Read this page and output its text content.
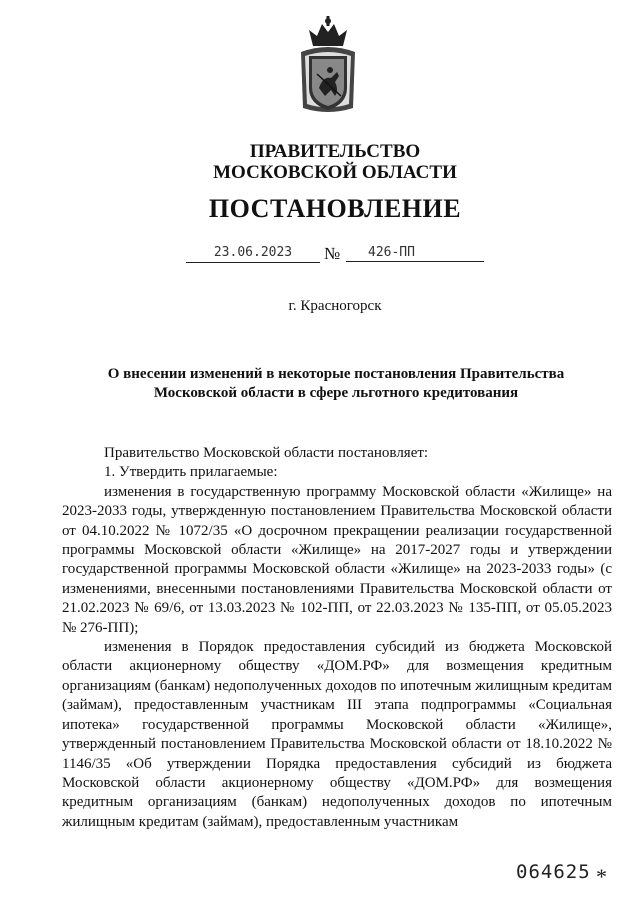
ПРАВИТЕЛЬСТВО
МОСКОВСКОЙ ОБЛАСТИ
ПОСТАНОВЛЕНИЕ
23.06.2023	№	426-ПП
г. Красногорск
О внесении изменений в некоторые постановления Правительства Московской области в сфере льготного кредитования

Правительство Московской области постановляет:

1. Утвердить прилагаемые:

изменения в государственную программу Московской области «Жилище» на 2023-2033 годы, утвержденную постановлением Правительства Московской области от 04.10.2022 № 1072/35 «О досрочном прекращении реализации государственной программы Московской области «Жилище» на 2017-2027 годы и утверждении государственной программы Московской области «Жилище» на 2023-2033 годы» (с изменениями, внесенными постановлениями Правительства Московской области от 21.02.2023 № 69/6, от 13.03.2023 № 102-ПП, от 22.03.2023 № 135-ПП, от 05.05.2023 № 276-ПП);

изменения в Порядок предоставления субсидий из бюджета Московской области акционерному обществу «ДОМ.РФ» для возмещения кредитным организациям (банкам) недополученных доходов по ипотечным жилищным кредитам (займам), предоставленным участникам III этапа подпрограммы «Социальная ипотека» государственной программы Московской области «Жилище», утвержденный постановлением Правительства Московской области от 18.10.2022 № 1146/35 «Об утверждении Порядка предоставления субсидий из бюджета Московской области акционерному обществу «ДОМ.РФ» для возмещения кредитным организациям (банкам) недополученных доходов по ипотечным жилищным кредитам (займам), предоставленным участникам

064625 *
